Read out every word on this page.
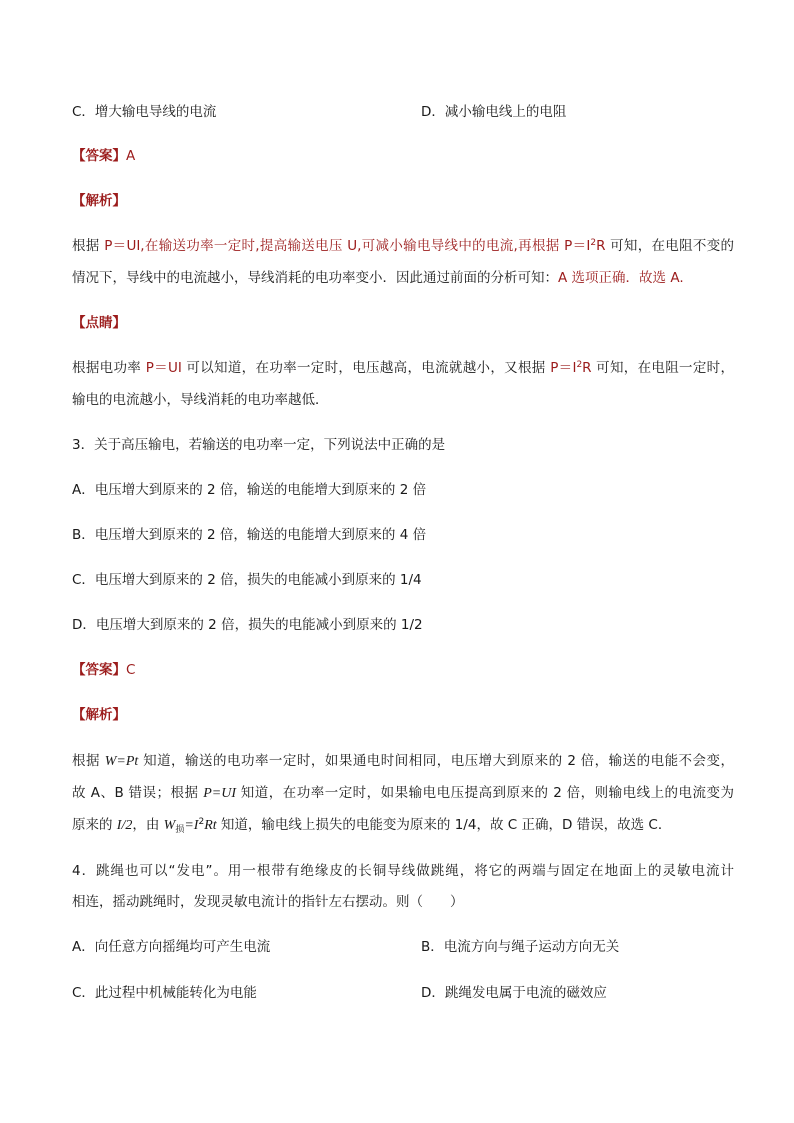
C．增大输电导线的电流	D．减小输电线上的电阻
【答案】A
【解析】
根据 P＝UI,在输送功率一定时,提高输送电压 U,可减小输电导线中的电流,再根据 $P=I^2R$ 可知，在电阻不变的
情况下，导线中的电流越小，导线消耗的电功率变小．因此通过前面的分析可知：A 选项正确．故选 A.
【点睛】
根据电功率 P＝UI 可以知道，在功率一定时，电压越高，电流就越小，又根据 $P=I^2R$ 可知，在电阻一定时，
输电的电流越小，导线消耗的电功率越低．
3．关于高压输电，若输送的电功率一定，下列说法中正确的是
A．电压增大到原来的 2 倍，输送的电能增大到原来的 2 倍
B．电压增大到原来的 2 倍，输送的电能增大到原来的 4 倍
C．电压增大到原来的 2 倍，损失的电能减小到原来的 1/4
D．电压增大到原来的 2 倍，损失的电能减小到原来的 1/2
【答案】C
【解析】
根据 W=Pt 知道，输送的电功率一定时，如果通电时间相同，电压增大到原来的 2 倍，输送的电能不会变，
故 A、B 错误；根据 P=UI 知道，在功率一定时，如果输电电压提高到原来的 2 倍，则输电线上的电流变为
原来的 I/2，由 $W_损=I^2Rt$ 知道，输电线上损失的电能变为原来的 1/4，故 C 正确，D 错误，故选 C．
4．跳绳也可以“发电”。用一根带有绝缘皮的长铜导线做跳绳，将它的两端与固定在地面上的灵敏电流计
相连，摇动跳绳时，发现灵敏电流计的指针左右摆动。则（　　）
A．向任意方向摇绳均可产生电流	B．电流方向与绳子运动方向无关
C．此过程中机械能转化为电能	D．跳绳发电属于电流的磁效应
